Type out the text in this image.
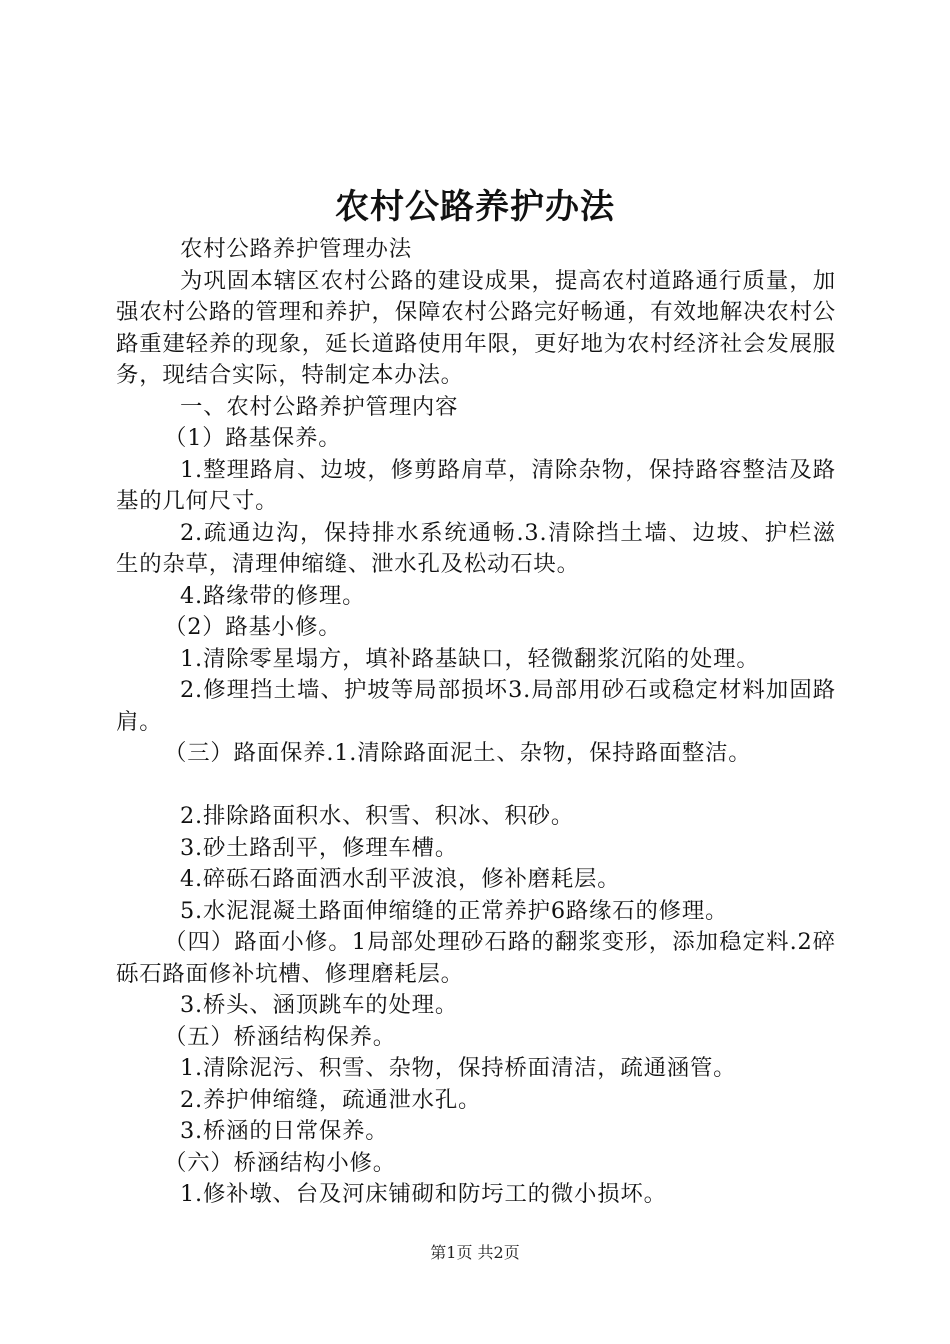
农村公路养护办法

农村公路养护管理办法

为巩固本辖区农村公路的建设成果，提高农村道路通行质量，加强农村公路的管理和养护，保障农村公路完好畅通，有效地解决农村公路重建轻养的现象，延长道路使用年限，更好地为农村经济社会发展服务，现结合实际，特制定本办法。

一、农村公路养护管理内容

（1）路基保养。

1.整理路肩、边坡，修剪路肩草，清除杂物，保持路容整洁及路基的几何尺寸。

2.疏通边沟，保持排水系统通畅.3.清除挡土墙、边坡、护栏滋生的杂草，清理伸缩缝、泄水孔及松动石块。

4.路缘带的修理。

（2）路基小修。

1.清除零星塌方，填补路基缺口，轻微翻浆沉陷的处理。

2.修理挡土墙、护坡等局部损坏3.局部用砂石或稳定材料加固路肩。

（三）路面保养.1.清除路面泥土、杂物，保持路面整洁。

2.排除路面积水、积雪、积冰、积砂。

3.砂土路刮平，修理车槽。

4.碎砾石路面洒水刮平波浪，修补磨耗层。

5.水泥混凝土路面伸缩缝的正常养护6路缘石的修理。

（四）路面小修。1局部处理砂石路的翻浆变形，添加稳定料.2碎砾石路面修补坑槽、修理磨耗层。

3.桥头、涵顶跳车的处理。

（五）桥涵结构保养。

1.清除泥污、积雪、杂物，保持桥面清洁，疏通涵管。

2.养护伸缩缝，疏通泄水孔。

3.桥涵的日常保养。

（六）桥涵结构小修。

1.修补墩、台及河床铺砌和防圬工的微小损坏。

第1页 共2页
